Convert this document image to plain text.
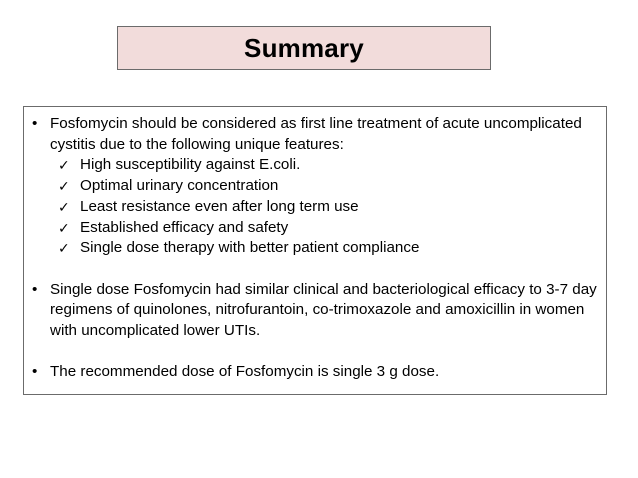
Summary
• Fosfomycin should be considered as first line treatment of acute uncomplicated cystitis due to the following unique features:
✓ High susceptibility against E.coli.
✓ Optimal urinary concentration
✓ Least resistance even after long term use
✓ Established efficacy and safety
✓ Single dose therapy with better patient compliance
• Single dose Fosfomycin had similar clinical and bacteriological efficacy to 3-7 day regimens of quinolones, nitrofurantoin, co-trimoxazole and amoxicillin in women with uncomplicated lower UTIs.
• The recommended dose of Fosfomycin is single 3 g dose.
